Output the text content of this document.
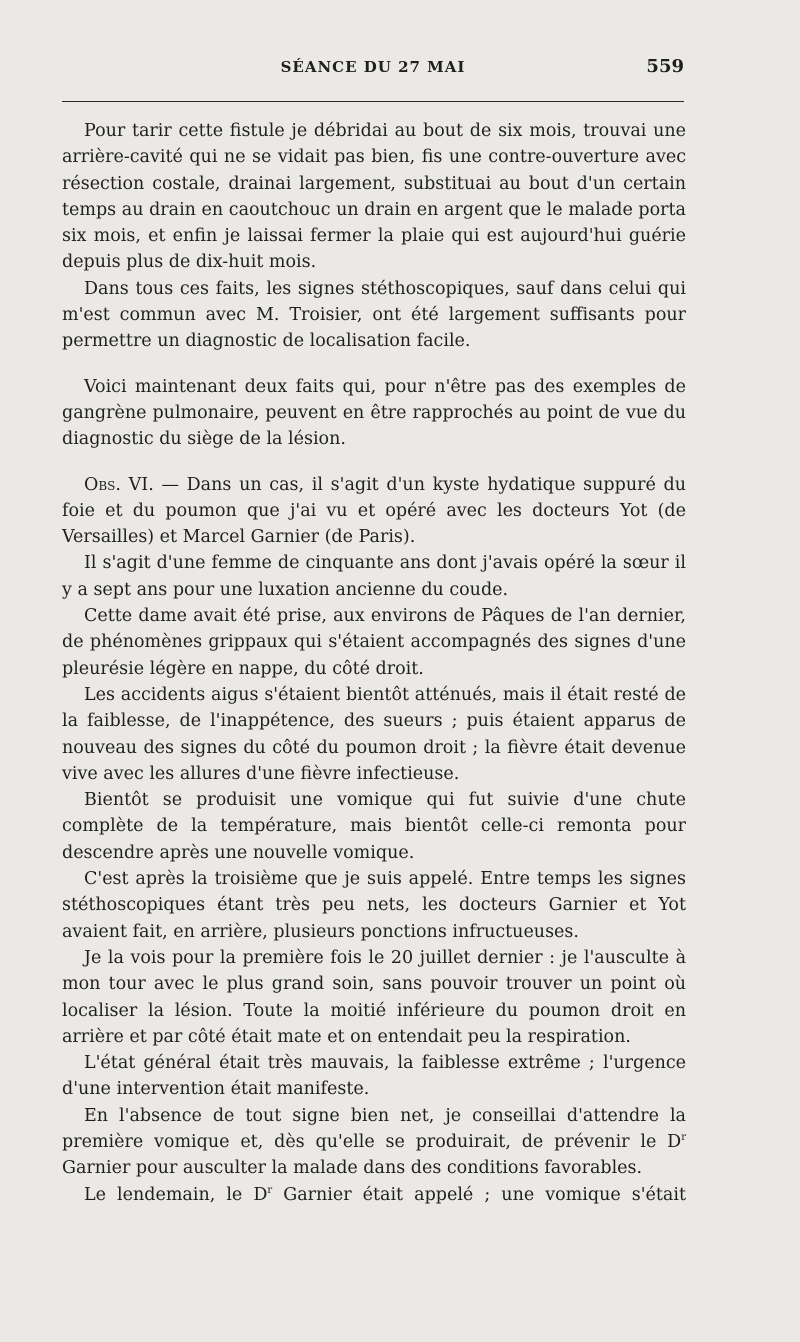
SÉANCE DU 27 MAI	559

Pour tarir cette fistule je débridai au bout de six mois, trouvai une arrière-cavité qui ne se vidait pas bien, fis une contre-ouverture avec résection costale, drainai largement, substituai au bout d'un certain temps au drain en caoutchouc un drain en argent que le malade porta six mois, et enfin je laissai fermer la plaie qui est aujourd'hui guérie depuis plus de dix-huit mois.

Dans tous ces faits, les signes stéthoscopiques, sauf dans celui qui m'est commun avec M. Troisier, ont été largement suffisants pour permettre un diagnostic de localisation facile.

Voici maintenant deux faits qui, pour n'être pas des exemples de gangrène pulmonaire, peuvent en être rapprochés au point de vue du diagnostic du siège de la lésion.

Obs. VI. — Dans un cas, il s'agit d'un kyste hydatique suppuré du foie et du poumon que j'ai vu et opéré avec les docteurs Yot (de Versailles) et Marcel Garnier (de Paris).

Il s'agit d'une femme de cinquante ans dont j'avais opéré la sœur il y a sept ans pour une luxation ancienne du coude.

Cette dame avait été prise, aux environs de Pâques de l'an dernier, de phénomènes grippaux qui s'étaient accompagnés des signes d'une pleurésie légère en nappe, du côté droit.

Les accidents aigus s'étaient bientôt atténués, mais il était resté de la faiblesse, de l'inappétence, des sueurs ; puis étaient apparus de nouveau des signes du côté du poumon droit ; la fièvre était devenue vive avec les allures d'une fièvre infectieuse.

Bientôt se produisit une vomique qui fut suivie d'une chute complète de la température, mais bientôt celle-ci remonta pour descendre après une nouvelle vomique.

C'est après la troisième que je suis appelé. Entre temps les signes stéthoscopiques étant très peu nets, les docteurs Garnier et Yot avaient fait, en arrière, plusieurs ponctions infructueuses.

Je la vois pour la première fois le 20 juillet dernier : je l'ausculte à mon tour avec le plus grand soin, sans pouvoir trouver un point où localiser la lésion. Toute la moitié inférieure du poumon droit en arrière et par côté était mate et on entendait peu la respiration.

L'état général était très mauvais, la faiblesse extrême ; l'urgence d'une intervention était manifeste.

En l'absence de tout signe bien net, je conseillai d'attendre la première vomique et, dès qu'elle se produirait, de prévenir le $D^r$ Garnier pour ausculter la malade dans des conditions favorables.

Le lendemain, le $D^r$ Garnier était appelé ; une vomique s'était
